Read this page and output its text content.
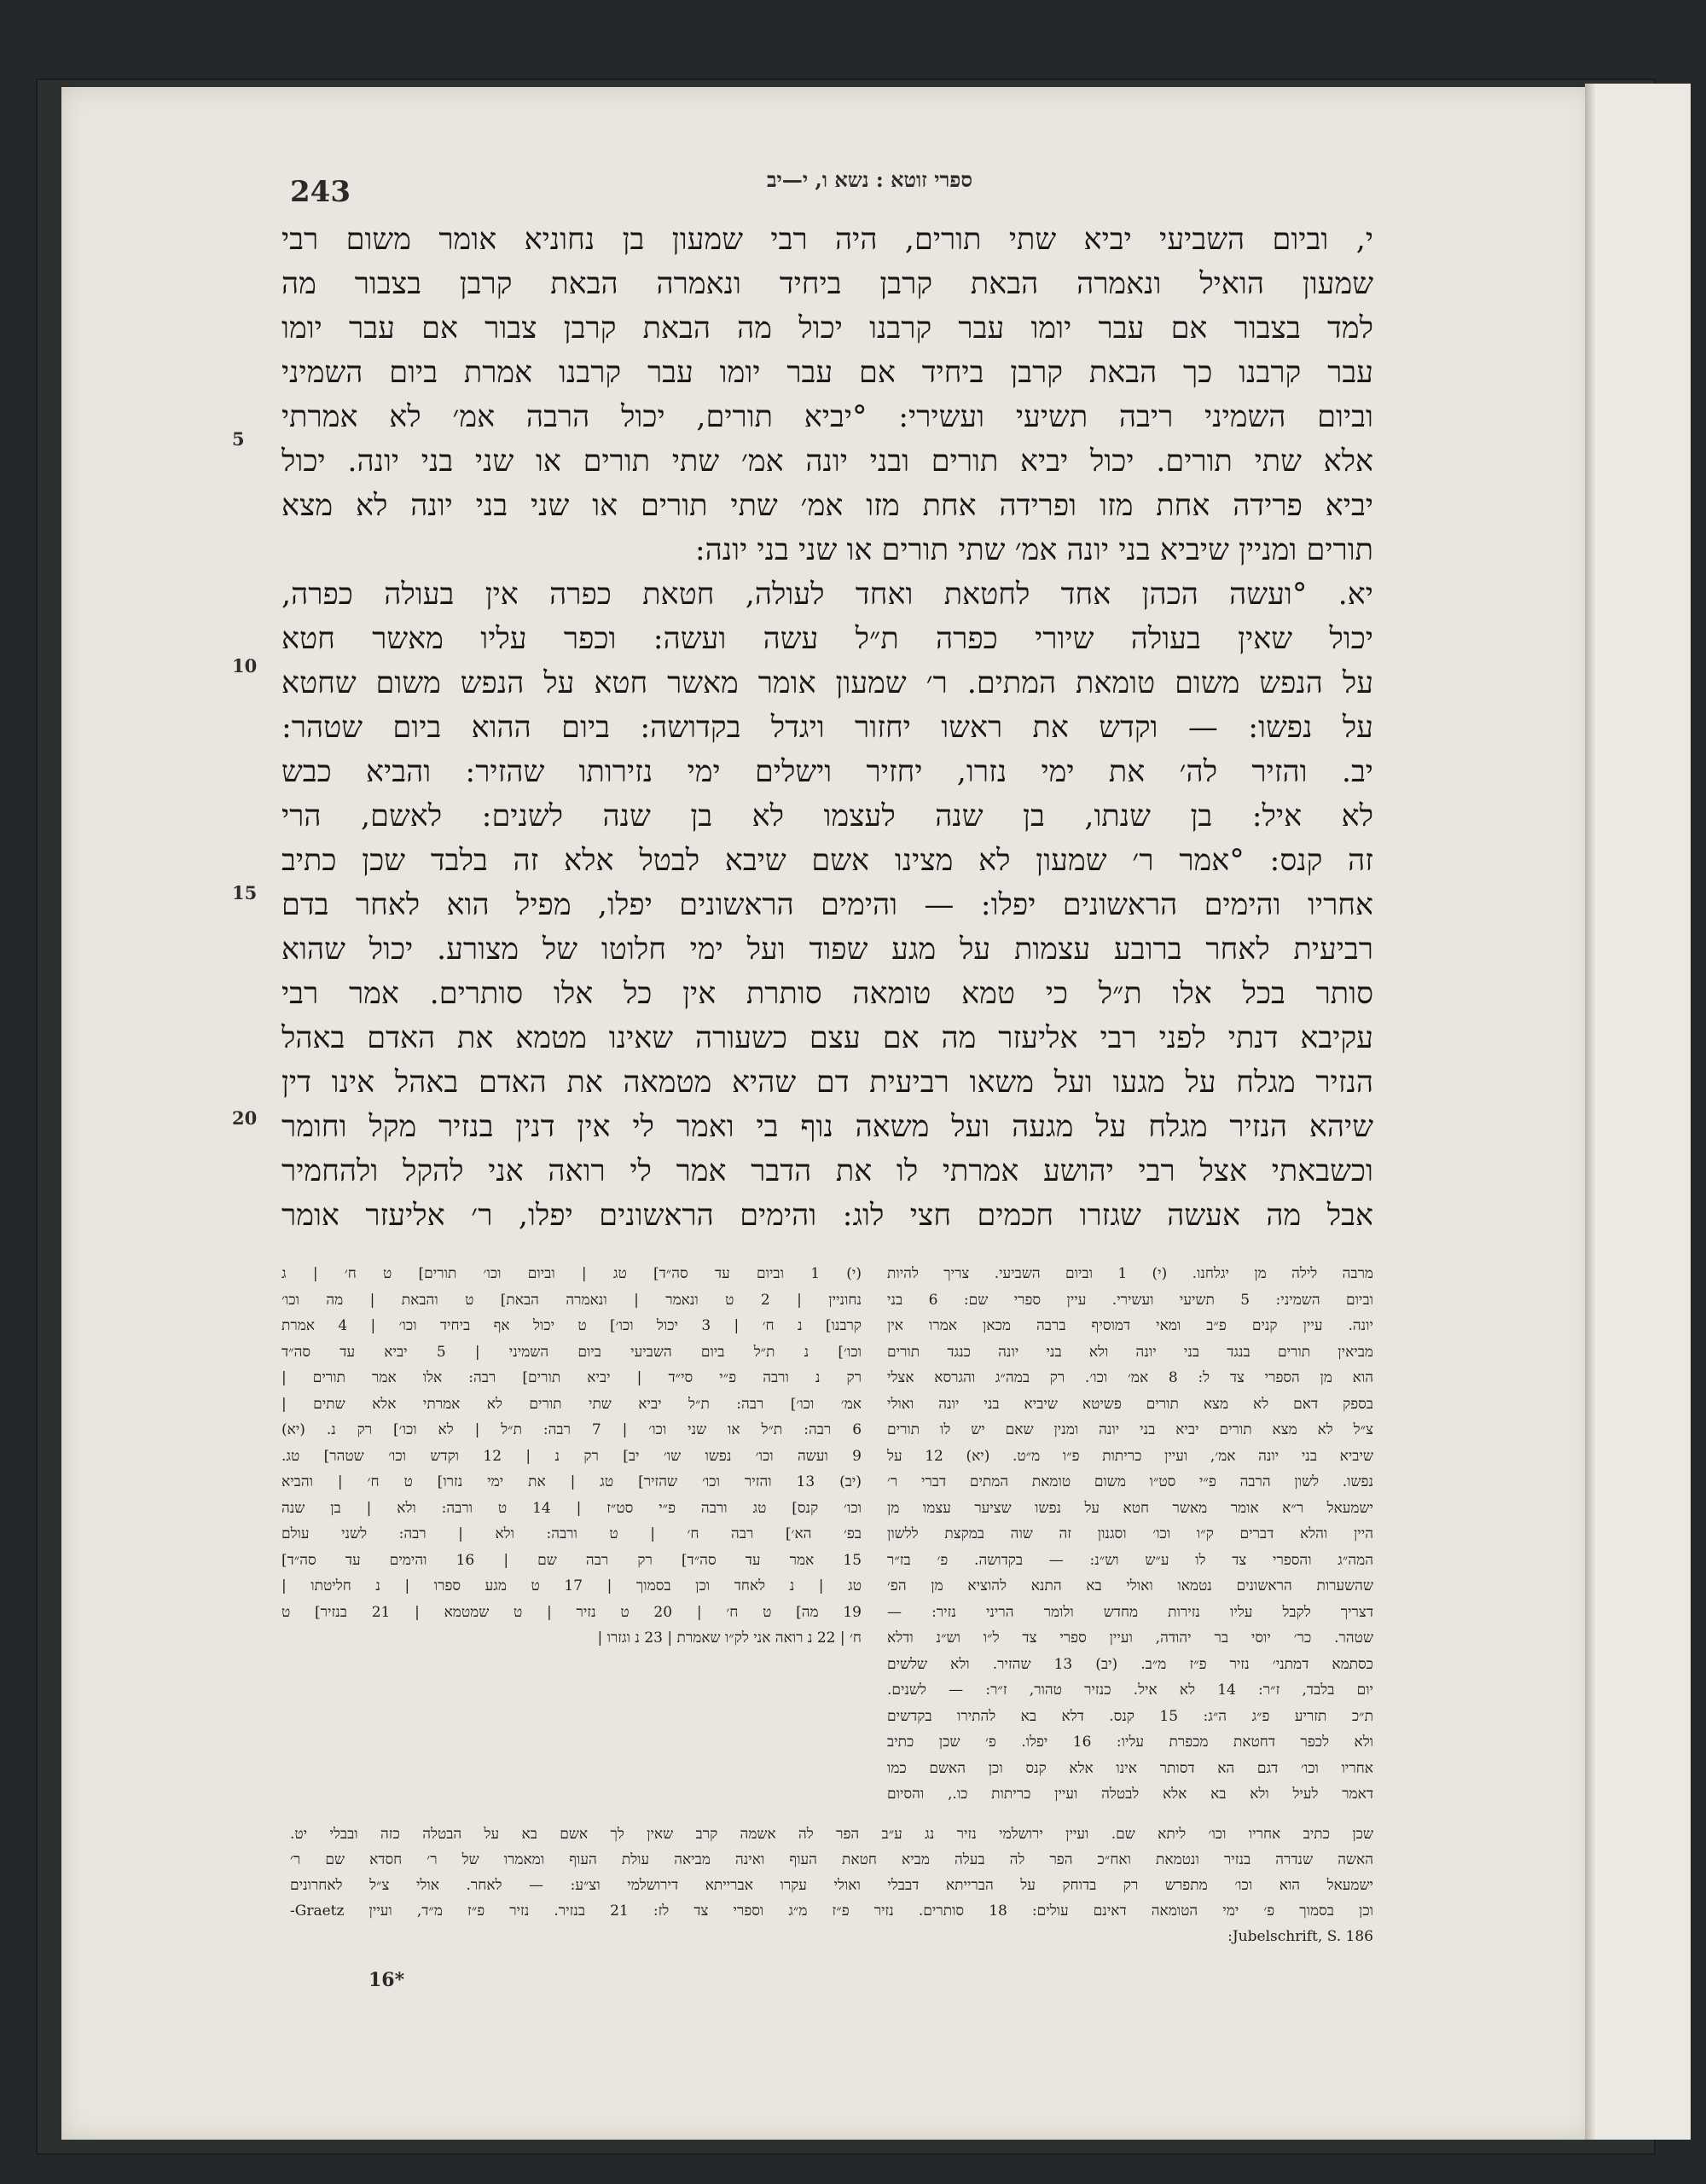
243	ספרי זוטא : נשא ו, י—יב
י, וביום השביעי יביא שתי תורים, היה רבי שמעון בן נחוניא אומר משום רבי
שמעון הואיל ונאמרה הבאת קרבן ביחיד ונאמרה הבאת קרבן בצבור מה
למד בצבור אם עבר יומו עבר קרבנו יכול מה הבאת קרבן צבור אם עבר יומו
עבר קרבנו כך הבאת קרבן ביחיד אם עבר יומו עבר קרבנו אמרת ביום השמיני
וביום השמיני ריבה תשיעי ועשירי: °יביא תורים, יכול הרבה אמ׳ לא אמרתי
אלא שתי תורים. יכול יביא תורים ובני יונה אמ׳ שתי תורים או שני בני יונה. יכול
יביא פרידה אחת מזו ופרידה אחת מזו אמ׳ שתי תורים או שני בני יונה לא מצא
תורים ומניין שיביא בני יונה אמ׳ שתי תורים או שני בני יונה:
יא. °ועשה הכהן אחד לחטאת ואחד לעולה, חטאת כפרה אין בעולה כפרה,
יכול שאין בעולה שיורי כפרה ת״ל עשה ועשה: וכפר עליו מאשר חטא
על הנפש משום טומאת המתים. ר׳ שמעון אומר מאשר חטא על הנפש משום שחטא
על נפשו: — וקדש את ראשו יחזור ויגדל בקדושה: ביום ההוא ביום שטהר:
יב. והזיר לה׳ את ימי נזרו, יחזיר וישלים ימי נזירותו שהזיר: והביא כבש
לא איל: בן שנתו, בן שנה לעצמו לא בן שנה לשנים: לאשם, הרי
זה קנס: °אמר ר׳ שמעון לא מצינו אשם שיבא לבטל אלא זה בלבד שכן כתיב
אחריו והימים הראשונים יפלו: — והימים הראשונים יפלו, מפיל הוא לאחר בדם
רביעית לאחר ברובע עצמות על מגע שפוד ועל ימי חלוטו של מצורע. יכול שהוא
סותר בכל אלו ת״ל כי טמא טומאה סותרת אין כל אלו סותרים. אמר רבי
עקיבא דנתי לפני רבי אליעזר מה אם עצם כשעורה שאינו מטמא את האדם באהל
הנזיר מגלח על מגעו ועל משאו רביעית דם שהיא מטמאה את האדם באהל אינו דין
שיהא הנזיר מגלח על מגעה ועל משאה נוף בי ואמר לי אין דנין בנזיר מקל וחומר
וכשבאתי אצל רבי יהושע אמרתי לו את הדבר אמר לי רואה אני להקל ולהחמיר
אבל מה אעשה שגזרו חכמים חצי לוג: והימים הראשונים יפלו, ר׳ אליעזר אומר
5
10
15
20
(י) 1 וביום עד סה״ד] טג | וביום וכו׳ תורים] ט ח׳ | ג
נחוניין | 2 ט ונאמר | ונאמרה הבאת] ט והבאת | מה וכו׳
קרבנו] נ ח׳ | 3 יכול וכו׳] ט יכול אף ביחיד וכו׳ | 4 אמרת
וכו׳] נ ת״ל ביום השביעי ביום השמיני | 5 יביא עד סה״ד
רק נ ורבה פ״י סי״ד | יביא תורים] רבה: אלו אמר תורים |
אמ׳ וכו׳] רבה: ת״ל יביא שתי תורים לא אמרתי אלא שתים |
6 רבה: ת״ל או שני וכו׳ | 7 רבה: ת״ל | לא וכו׳] רק נ. (יא)
9 ועשה וכו׳ נפשו שו׳ יב] רק נ | 12 וקדש וכו׳ שטהר] טג.
(יב) 13 והזיר וכו׳ שהזיר] טג | את ימי נזרו] ט ח׳ | והביא
וכו׳ קנס] טג ורבה פ״י סט״ז | 14 ט ורבה: ולא | בן שנה
בפ׳ הא׳] רבה ח׳ | ט ורבה: ולא | רבה: לשני עולם
15 אמר עד סה״ד] רק רבה שם | 16 והימים עד סה״ד]
טג | נ לאחד וכן בסמוך | 17 ט מגע ספרו | נ חליטתו |
19 מה] ט ח׳ | 20 ט נזיר | ט שמטמא | 21 בנזיר] ט
ח׳ | 22 נ רואה אני לק״ו שאמרת | 23 נ וגזרו |
מרבה לילה מן יגלחנו. (י) 1 וביום השביעי. צריך להיות
וביום השמיני: 5 תשיעי ועשירי. עיין ספרי שם: 6 בני
יונה. עיין קנים פ״ב ומאי דמוסיף ברבה מכאן אמרו אין
מביאין תורים בנגד בני יונה ולא בני יונה כנגד תורים
הוא מן הספרי צד ל: 8 אמ׳ וכו׳. רק במה״ג והגרסא אצלי
בספק דאם לא מצא תורים פשיטא שיביא בני יונה ואולי
צ״ל לא מצא תורים יביא בני יונה ומנין שאם יש לו תורים
שיביא בני יונה אמ׳, ועיין כריתות פ״ו מ״ט. (יא) 12 על
נפשו. לשון הרבה פ״י סט״ו משום טומאת המתים דברי ר׳
ישמעאל ר״א אומר מאשר חטא על נפשו שציער עצמו מן
היין והלא דברים ק״ו וכו׳ וסגנון זה שוה במקצת ללשון
המה״ג והספרי צד לו ע״ש וש״נ: — בקדושה. פ׳ בז״ר
שהשערות הראשונים נטמאו ואולי בא התנא להוציא מן הפ׳
דצריך לקבל עליו נזירות מחדש ולומר הריני נזיר: —
שטהר. כר׳ יוסי בר יהודה, ועיין ספרי צד ל״ו וש״נ ודלא
כסתמא דמתני׳ נזיר פ״ז מ״ב. (יב) 13 שהזיר. ולא שלשים
יום בלבד, ז״ר: 14 לא איל. כנזיר טהור, ז״ר: — לשנים.
ת״כ תזריע פ״ג ה״ג: 15 קנס. דלא בא להתירו בקדשים
ולא לכפר דחטאת מכפרת עליו: 16 יפלו. פ׳ שכן כתיב
אחריו וכו׳ דגם הא דסותר אינו אלא קנס וכן האשם כמו
דאמר לעיל ולא בא אלא לבטלה ועיין כריתות כו., והסיום
שכן כתיב אחריו וכו׳ ליתא שם. ועיין ירושלמי נזיר נג ע״ב הפר לה אשמה קרב שאין לך אשם בא על הבטלה כזה ובבלי יט.
האשה שנדרה בנזיר ונטמאת ואח״כ הפר לה בעלה מביא חטאת העוף ואינה מביאה עולת העוף ומאמרו של ר׳ חסדא שם ר׳
ישמעאל הוא וכו׳ מתפרש רק בדוחק על הברייתא דבבלי ואולי עקרו אברייתא דירושלמי וצ״ע: — לאחר. אולי צ״ל לאחרונים
וכן בסמוך פ׳ ימי הטומאה דאינם עולים: 18 סותרים. נזיר פ״ז מ״ג וספרי צד לז: 21 בנזיר. נזיר פ״ז מ״ד, ועיין Graetz-
Jubelschrift, S. 186:
16*
